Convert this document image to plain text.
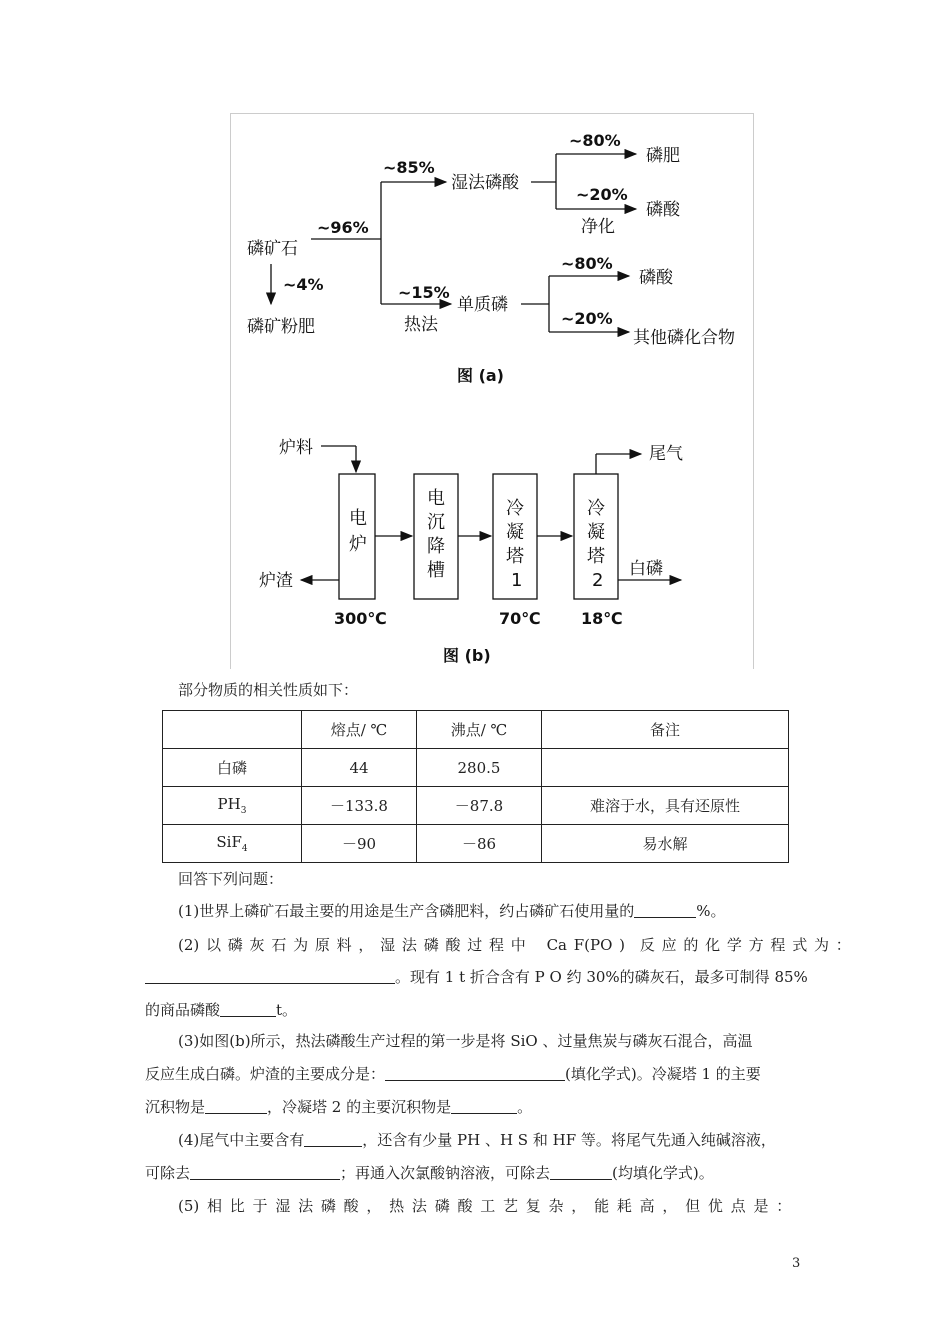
磷矿石
~4%
磷矿粉肥
~96%
~85%
湿法磷酸
~15%
热法
单质磷
~80%
磷肥
~20%
净化
磷酸
~80%
磷酸
~20%
其他磷化合物
图 (a)
炉料
电
炉
电
沉
降
槽
冷
凝
塔
1
冷
凝
塔
2
炉渣
尾气
白磷
300℃	70℃	18℃
图 (b)
部分物质的相关性质如下：
	熔点/ ℃	沸点/ ℃	备注
白磷	44	280.5	
$PH_3$	－133.8	－87.8	难溶于水，具有还原性
SiF$_4$	－90	－86	易水解
回答下列问题：
(1)世界上磷矿石最主要的用途是生产含磷肥料，约占磷矿石使用量的	%。
(2) 以 磷 灰 石 为 原 料 ， 湿 法 磷 酸 过 程 中 Ca F(PO ) 反 应 的 化 学 方 程 式 为 ：
。现有 1 t 折合含有 P O 约 30%的磷灰石，最多可制得 85%
的商品磷酸	t。
(3)如图(b)所示，热法磷酸生产过程的第一步是将 SiO 、过量焦炭与磷灰石混合，高温
反应生成白磷。炉渣的主要成分是：	(填化学式)。冷凝塔 1 的主要
沉积物是	，冷凝塔 2 的主要沉积物是	。
(4)尾气中主要含有	，还含有少量 PH 、H S 和 HF 等。将尾气先通入纯碱溶液，
可除去	；再通入次氯酸钠溶液，可除去	(均填化学式)。
(5) 相 比 于 湿 法 磷 酸 ， 热 法 磷 酸 工 艺 复 杂 ， 能 耗 高 ， 但 优 点 是 ：
3
